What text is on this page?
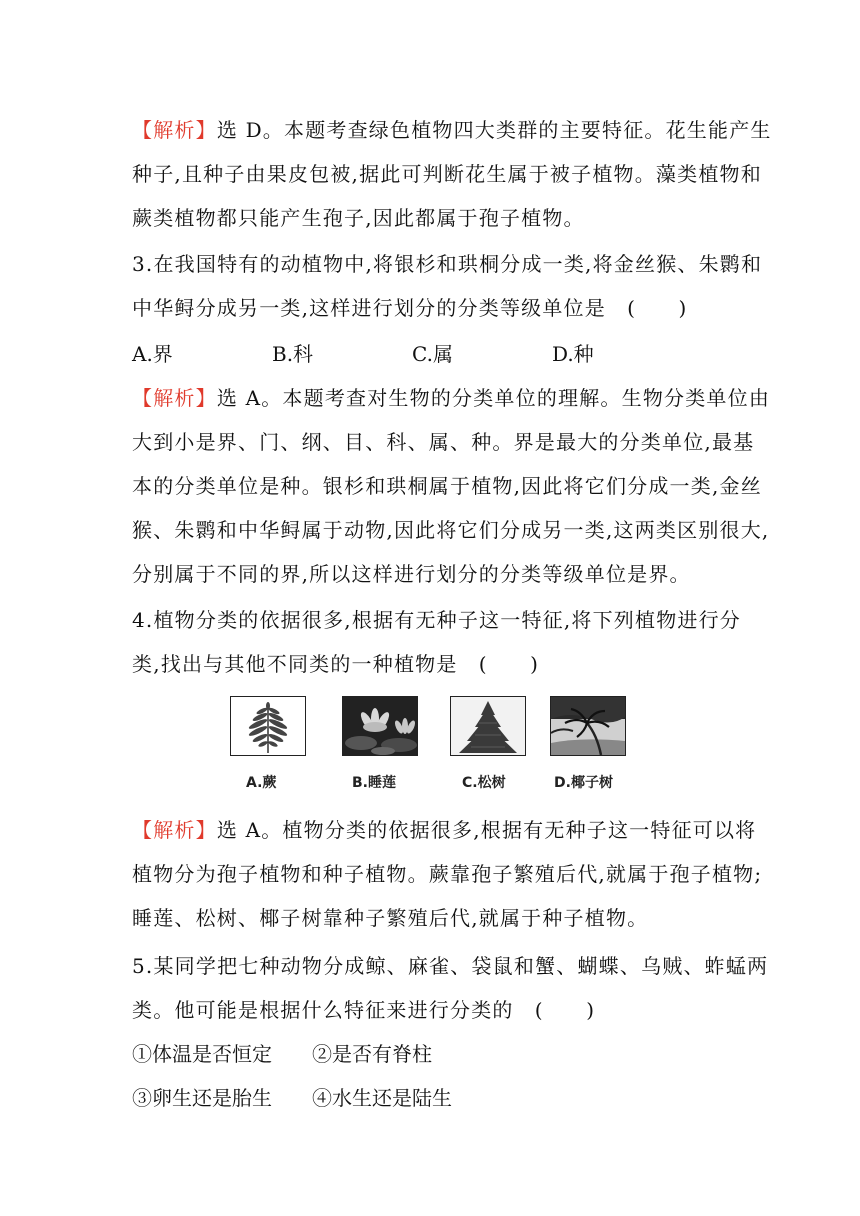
【解析】选 D。本题考查绿色植物四大类群的主要特征。花生能产生
种子,且种子由果皮包被,据此可判断花生属于被子植物。藻类植物和
蕨类植物都只能产生孢子,因此都属于孢子植物。
3.在我国特有的动植物中,将银杉和珙桐分成一类,将金丝猴、朱鹮和
中华鲟分成另一类,这样进行划分的分类等级单位是　(　　)
A.界	B.科	C.属	D.种
【解析】选 A。本题考查对生物的分类单位的理解。生物分类单位由
大到小是界、门、纲、目、科、属、种。界是最大的分类单位,最基
本的分类单位是种。银杉和珙桐属于植物,因此将它们分成一类,金丝
猴、朱鹮和中华鲟属于动物,因此将它们分成另一类,这两类区别很大,
分别属于不同的界,所以这样进行划分的分类等级单位是界。
4.植物分类的依据很多,根据有无种子这一特征,将下列植物进行分
类,找出与其他不同类的一种植物是　(　　)
A.蕨	B.睡莲	C.松树	D.椰子树
【解析】选 A。植物分类的依据很多,根据有无种子这一特征可以将
植物分为孢子植物和种子植物。蕨靠孢子繁殖后代,就属于孢子植物;
睡莲、松树、椰子树靠种子繁殖后代,就属于种子植物。
5.某同学把七种动物分成鲸、麻雀、袋鼠和蟹、蝴蝶、乌贼、蚱蜢两
类。他可能是根据什么特征来进行分类的　(　　)
①体温是否恒定 ②是否有脊柱
③卵生还是胎生 ④水生还是陆生
